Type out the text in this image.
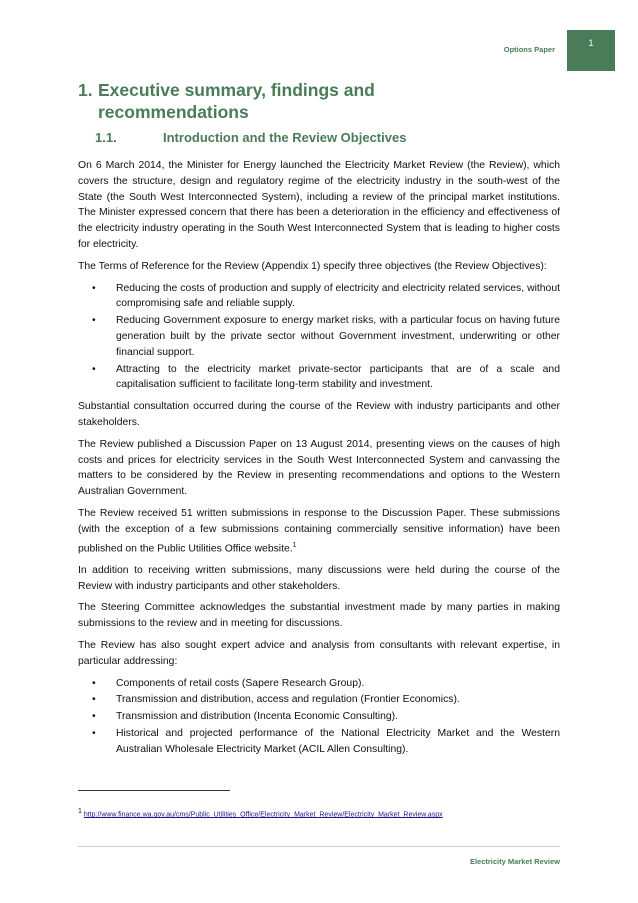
1
Options Paper
1. Executive summary, findings and
recommendations
1.1.	Introduction and the Review Objectives

On 6 March 2014, the Minister for Energy launched the Electricity Market Review (the Review), which covers the structure, design and regulatory regime of the electricity industry in the south-west of the State (the South West Interconnected System), including a review of the principal market institutions. The Minister expressed concern that there has been a deterioration in the efficiency and effectiveness of the electricity industry operating in the South West Interconnected System that is leading to higher costs for electricity.

The Terms of Reference for the Review (Appendix 1) specify three objectives (the Review Objectives):

• Reducing the costs of production and supply of electricity and electricity related services, without compromising safe and reliable supply.
• Reducing Government exposure to energy market risks, with a particular focus on having future generation built by the private sector without Government investment, underwriting or other financial support.
• Attracting to the electricity market private-sector participants that are of a scale and capitalisation sufficient to facilitate long-term stability and investment.

Substantial consultation occurred during the course of the Review with industry participants and other stakeholders.

The Review published a Discussion Paper on 13 August 2014, presenting views on the causes of high costs and prices for electricity services in the South West Interconnected System and canvassing the matters to be considered by the Review in presenting recommendations and options to the Western Australian Government.

The Review received 51 written submissions in response to the Discussion Paper. These submissions (with the exception of a few submissions containing commercially sensitive information) have been published on the Public Utilities Office website.$^1$

In addition to receiving written submissions, many discussions were held during the course of the Review with industry participants and other stakeholders.

The Steering Committee acknowledges the substantial investment made by many parties in making submissions to the review and in meeting for discussions.

The Review has also sought expert advice and analysis from consultants with relevant expertise, in particular addressing:

• Components of retail costs (Sapere Research Group).
• Transmission and distribution, access and regulation (Frontier Economics).
• Transmission and distribution (Incenta Economic Consulting).
• Historical and projected performance of the National Electricity Market and the Western Australian Wholesale Electricity Market (ACIL Allen Consulting).
$^1$ http://www.finance.wa.gov.au/cms/Public_Utilities_Office/Electricity_Market_Review/Electricity_Market_Review.aspx
Electricity Market Review
